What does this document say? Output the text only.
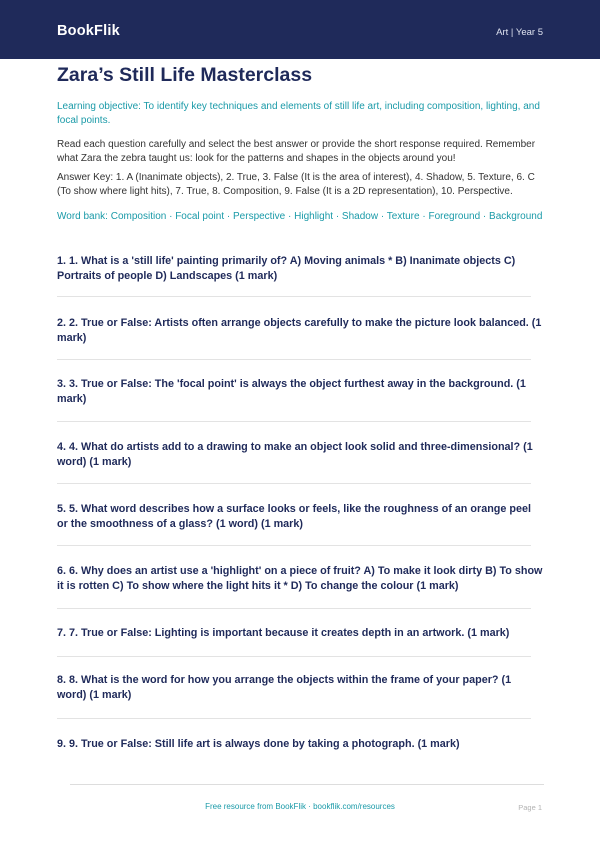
BookFlik	Art | Year 5

Zara’s Still Life Masterclass

Learning objective: To identify key techniques and elements of still life art, including composition, lighting, and focal points.

Read each question carefully and select the best answer or provide the short response required. Remember what Zara the zebra taught us: look for the patterns and shapes in the objects around you!

Answer Key: 1. A (Inanimate objects), 2. True, 3. False (It is the area of interest), 4. Shadow, 5. Texture, 6. C (To show where light hits), 7. True, 8. Composition, 9. False (It is a 2D representation), 10. Perspective.

Word bank: Composition · Focal point · Perspective · Highlight · Shadow · Texture · Foreground · Background

1. 1. What is a 'still life' painting primarily of? A) Moving animals * B) Inanimate objects C) Portraits of people D) Landscapes (1 mark)

2. 2. True or False: Artists often arrange objects carefully to make the picture look balanced. (1 mark)

3. 3. True or False: The 'focal point' is always the object furthest away in the background. (1 mark)

4. 4. What do artists add to a drawing to make an object look solid and three-dimensional? (1 word) (1 mark)

5. 5. What word describes how a surface looks or feels, like the roughness of an orange peel or the smoothness of a glass? (1 word) (1 mark)

6. 6. Why does an artist use a 'highlight' on a piece of fruit? A) To make it look dirty B) To show it is rotten C) To show where the light hits it * D) To change the colour (1 mark)

7. 7. True or False: Lighting is important because it creates depth in an artwork. (1 mark)

8. 8. What is the word for how you arrange the objects within the frame of your paper? (1 word) (1 mark)

9. 9. True or False: Still life art is always done by taking a photograph. (1 mark)

Free resource from BookFlik · bookflik.com/resources	Page 1
